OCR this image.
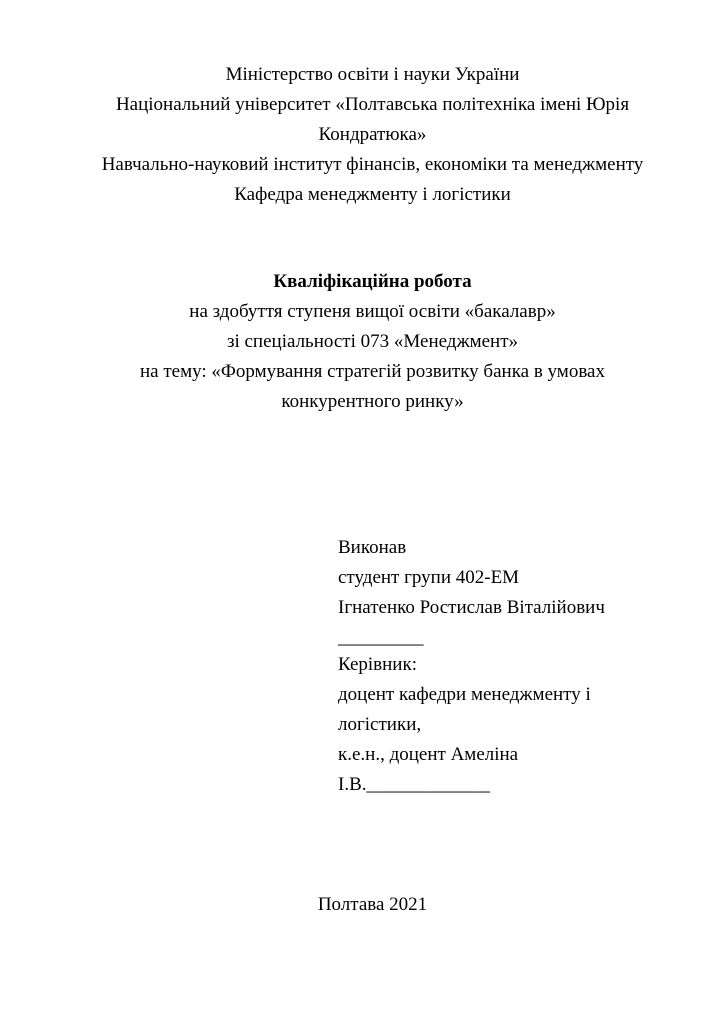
Міністерство освіти і науки України

Національний університет «Полтавська політехніка імені Юрія Кондратюка»

Навчально-науковий інститут фінансів, економіки та менеджменту

Кафедра менеджменту і логістики

Кваліфікаційна робота

на здобуття ступеня вищої освіти «бакалавр»

зі спеціальності 073 «Менеджмент»

на тему: «Формування стратегій розвитку банка в умовах конкурентного ринку»

Виконав

студент групи 402-ЕМ

Ігнатенко Ростислав Віталійович _________

Керівник:

доцент кафедри менеджменту і логістики,

к.е.н., доцент Амеліна І.В._____________

Полтава 2021
